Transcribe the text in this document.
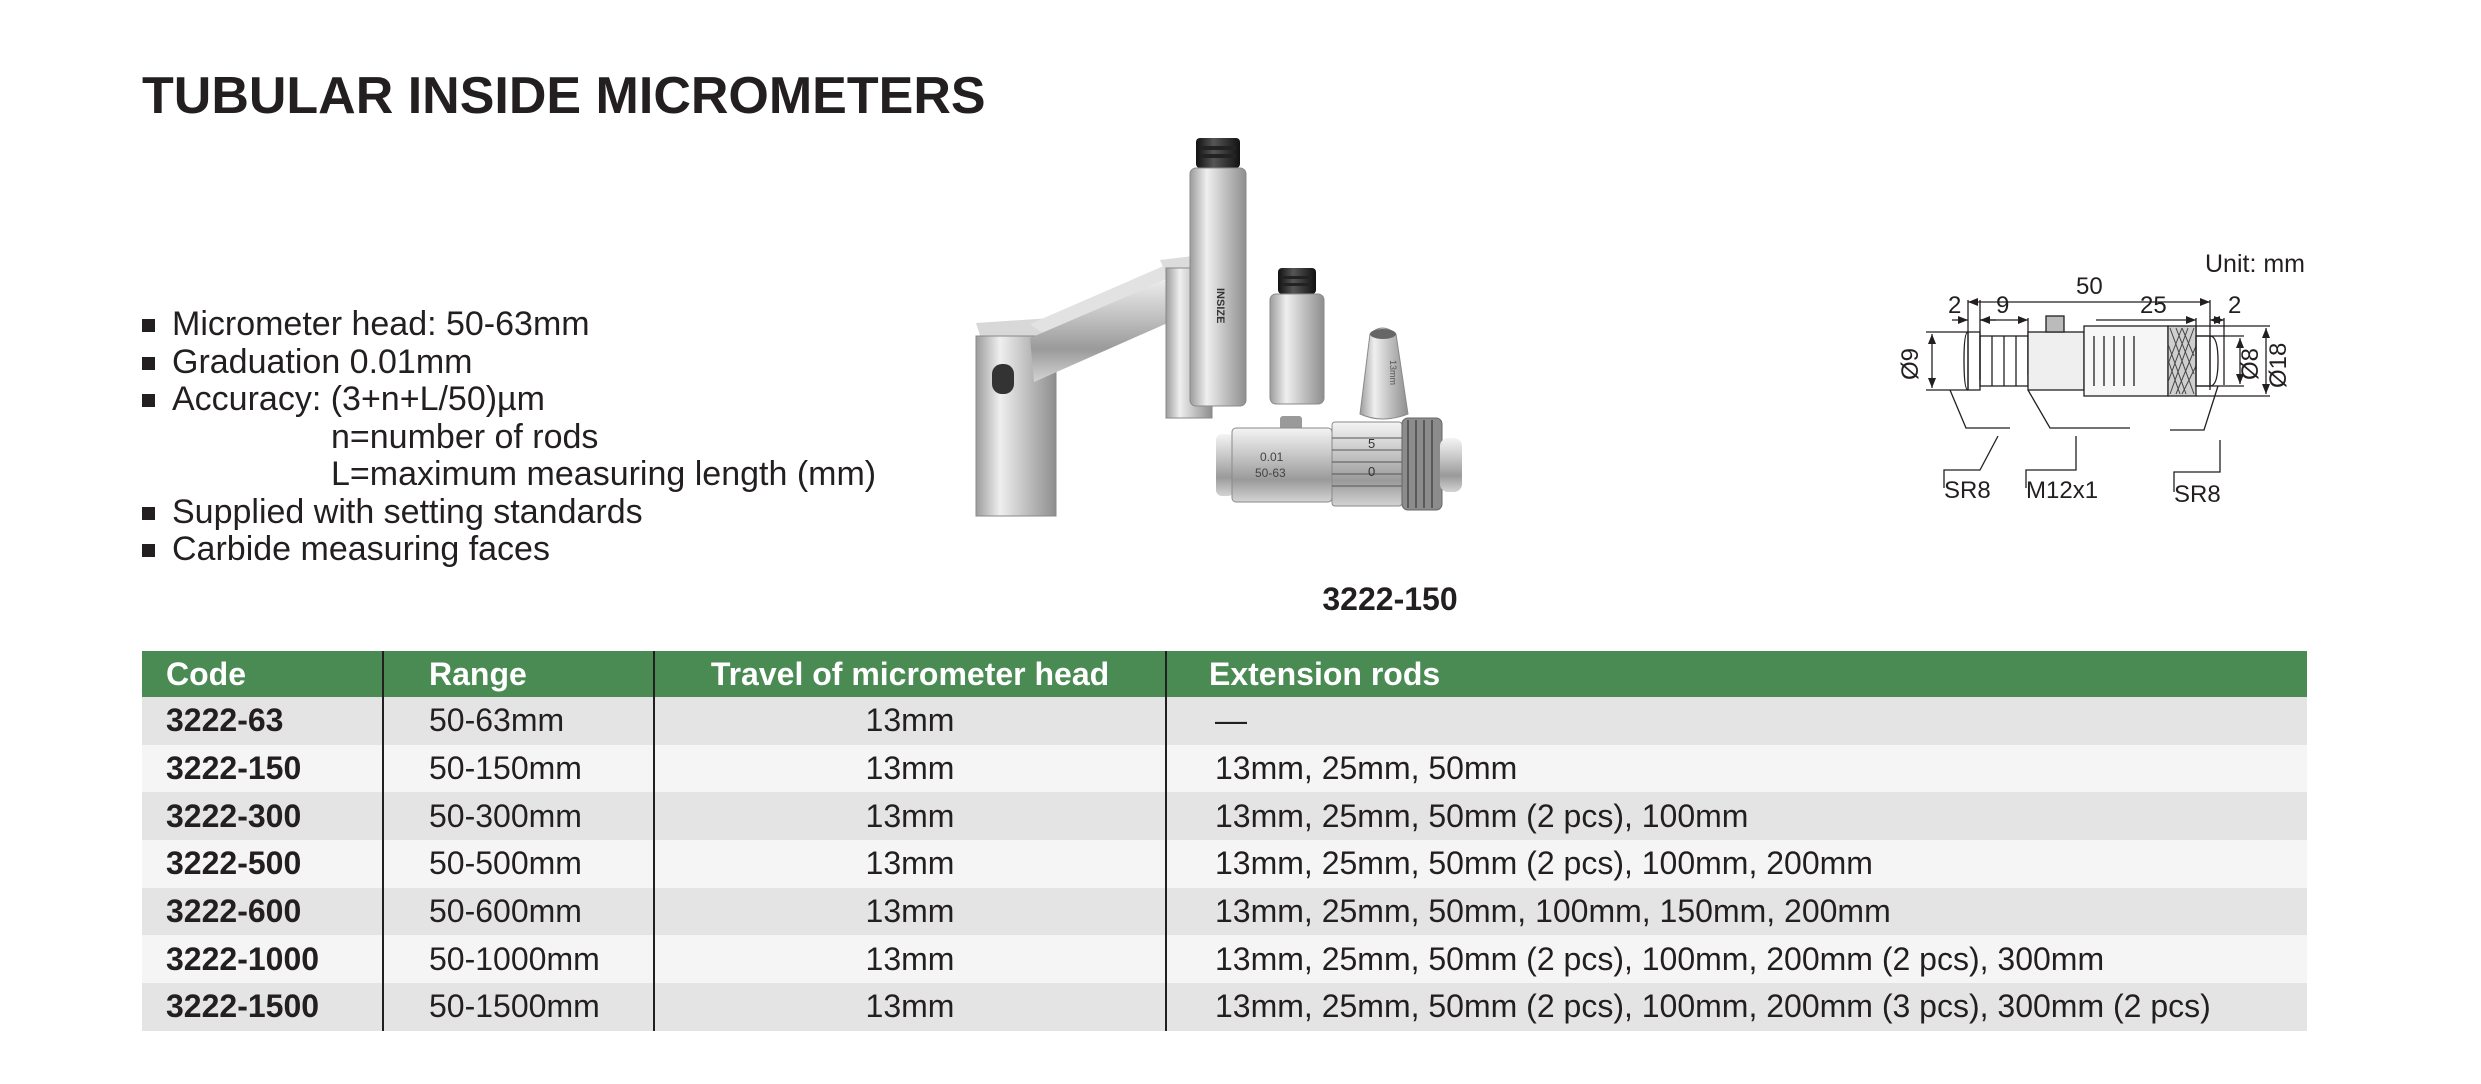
TUBULAR INSIDE MICROMETERS
Micrometer head: 50-63mm
Graduation 0.01mm
Accuracy: (3+n+L/50)µm
n=number of rods
L=maximum measuring length (mm)
Supplied with setting standards
Carbide measuring faces
INSIZE
13mm
0.01
50-63
5
0
3222-150
Unit: mm
50
2 9	25	2
Ø9	Ø8 Ø18
SR8 M12x1	SR8
Code	Range	Travel of micrometer head	Extension rods
3222-63	50-63mm	13mm	—
3222-150	50-150mm	13mm	13mm, 25mm, 50mm
3222-300	50-300mm	13mm	13mm, 25mm, 50mm (2 pcs), 100mm
3222-500	50-500mm	13mm	13mm, 25mm, 50mm (2 pcs), 100mm, 200mm
3222-600	50-600mm	13mm	13mm, 25mm, 50mm, 100mm, 150mm, 200mm
3222-1000	50-1000mm	13mm	13mm, 25mm, 50mm (2 pcs), 100mm, 200mm (2 pcs), 300mm
3222-1500	50-1500mm	13mm	13mm, 25mm, 50mm (2 pcs), 100mm, 200mm (3 pcs), 300mm (2 pcs)
